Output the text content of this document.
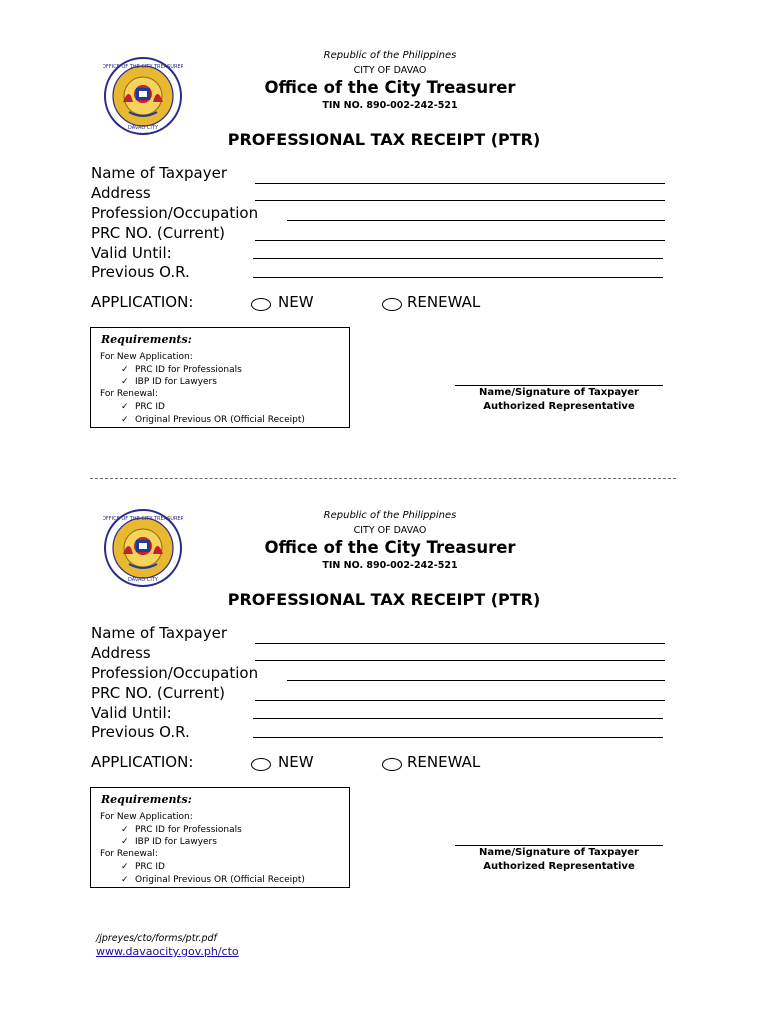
OFFICE OF THE CITY TREASURER
DAVAO CITY
Republic of the Philippines
CITY OF DAVAO
Office of the City Treasurer
TIN NO. 890-002-242-521
PROFESSIONAL TAX RECEIPT (PTR)
Name of Taxpayer
Address
Profession/Occupation
PRC NO. (Current)
Valid Until:
Previous O.R.
APPLICATION:	NEW	RENEWAL
Requirements:
For New Application:
✓ PRC ID for Professionals
✓ IBP ID for Lawyers
For Renewal:
✓ PRC ID
✓ Original Previous OR (Official Receipt)
Name/Signature of Taxpayer
Authorized Representative
OFFICE OF THE CITY TREASURER
DAVAO CITY
Republic of the Philippines
CITY OF DAVAO
Office of the City Treasurer
TIN NO. 890-002-242-521
PROFESSIONAL TAX RECEIPT (PTR)
Name of Taxpayer
Address
Profession/Occupation
PRC NO. (Current)
Valid Until:
Previous O.R.
APPLICATION:	NEW	RENEWAL
Requirements:
For New Application:
✓ PRC ID for Professionals
✓ IBP ID for Lawyers
For Renewal:
✓ PRC ID
✓ Original Previous OR (Official Receipt)
Name/Signature of Taxpayer
Authorized Representative
/jpreyes/cto/forms/ptr.pdf
www.davaocity.gov.ph/cto
